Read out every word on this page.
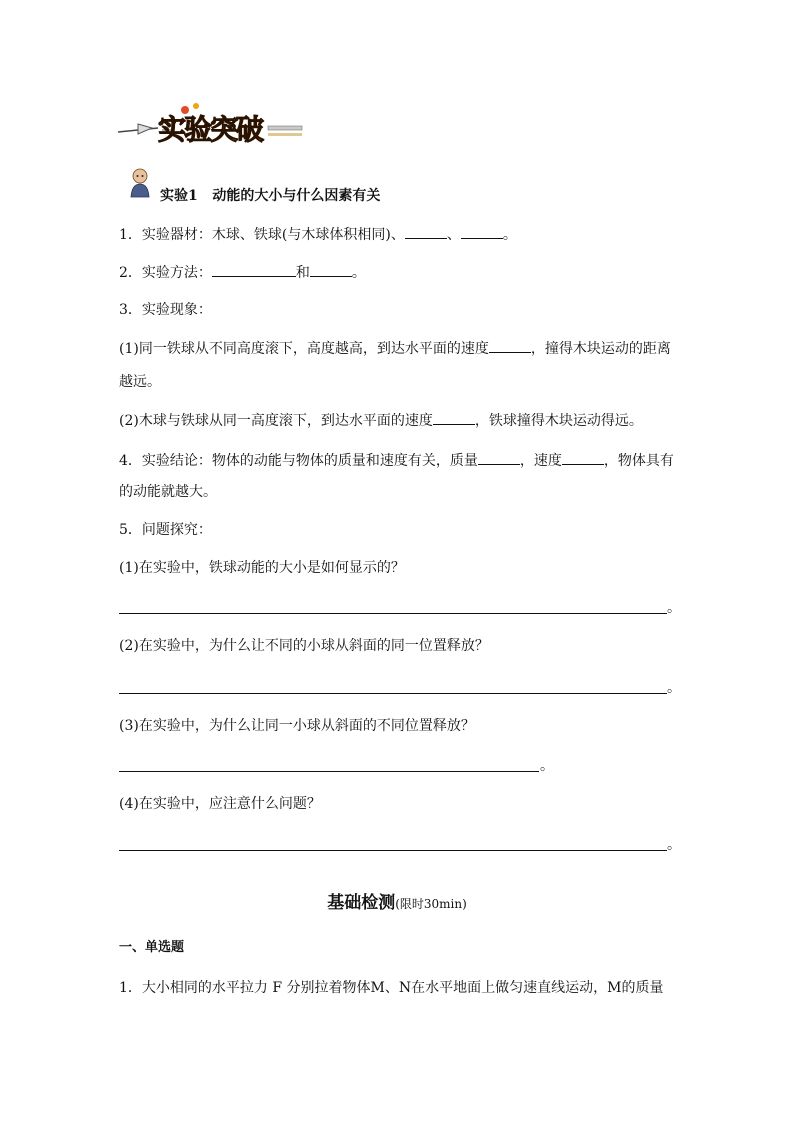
实验突破
实验1 动能的大小与什么因素有关
1．实验器材：木球、铁球(与木球体积相同)、	、	。
2．实验方法：	和	。
3．实验现象：
(1)同一铁球从不同高度滚下，高度越高，到达水平面的速度	，撞得木块运动的距离
越远。
(2)木球与铁球从同一高度滚下，到达水平面的速度	，铁球撞得木块运动得远。
4．实验结论：物体的动能与物体的质量和速度有关，质量	，速度	，物体具有
的动能就越大。
5．问题探究：
(1)在实验中，铁球动能的大小是如何显示的？
。
(2)在实验中，为什么让不同的小球从斜面的同一位置释放？
。
(3)在实验中，为什么让同一小球从斜面的不同位置释放？
。
(4)在实验中，应注意什么问题？
。
基础检测(限时30min)
一、单选题
1．大小相同的水平拉力 F 分别拉着物体M、N在水平地面上做匀速直线运动，M的质量
